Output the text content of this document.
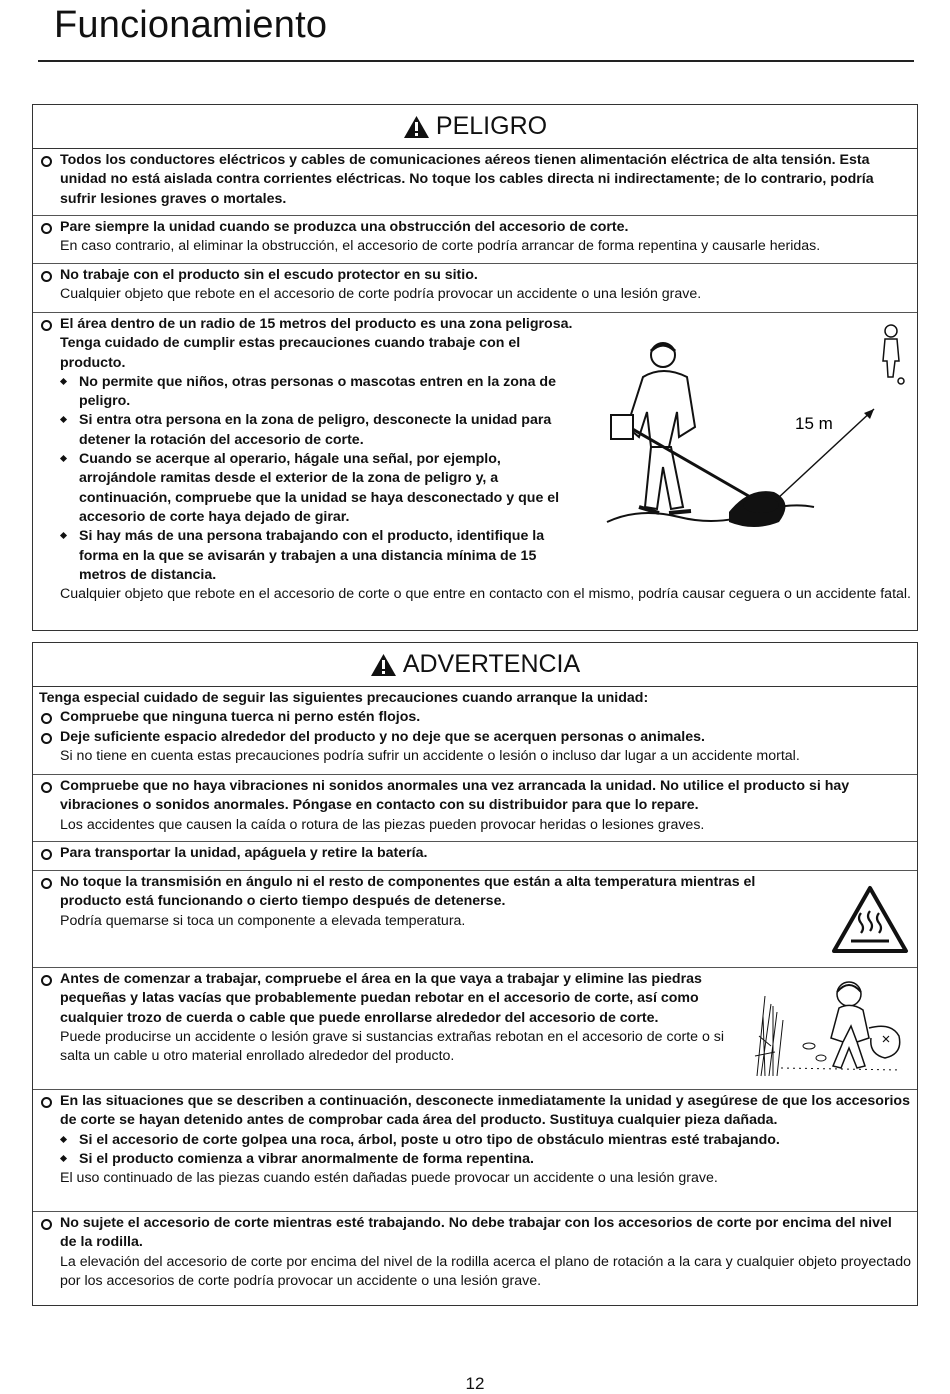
Funcionamiento
PELIGRO
Todos los conductores eléctricos y cables de comunicaciones aéreos tienen alimentación eléctrica de alta tensión. Esta unidad no está aislada contra corrientes eléctricas. No toque los cables directa ni indirectamente; de lo contrario, podría sufrir lesiones graves o mortales.
Pare siempre la unidad cuando se produzca una obstrucción del accesorio de corte.
En caso contrario, al eliminar la obstrucción, el accesorio de corte podría arrancar de forma repentina y causarle heridas.
No trabaje con el producto sin el escudo protector en su sitio.
Cualquier objeto que rebote en el accesorio de corte podría provocar un accidente o una lesión grave.
El área dentro de un radio de 15 metros del producto es una zona peligrosa. Tenga cuidado de cumplir estas precauciones cuando trabaje con el producto.
No permite que niños, otras personas o mascotas entren en la zona de peligro.
Si entra otra persona en la zona de peligro, desconecte la unidad para detener la rotación del accesorio de corte.
Cuando se acerque al operario, hágale una señal, por ejemplo, arrojándole ramitas desde el exterior de la zona de peligro y, a continuación, compruebe que la unidad se haya desconectado y que el accesorio de corte haya dejado de girar.
Si hay más de una persona trabajando con el producto, identifique la forma en la que se avisarán y trabajen a una distancia mínima de 15 metros de distancia.
Cualquier objeto que rebote en el accesorio de corte o que entre en contacto con el mismo, podría causar ceguera o un accidente fatal.
15 m
ADVERTENCIA
Tenga especial cuidado de seguir las siguientes precauciones cuando arranque la unidad:
Compruebe que ninguna tuerca ni perno estén flojos.
Deje suficiente espacio alrededor del producto y no deje que se acerquen personas o animales.
Si no tiene en cuenta estas precauciones podría sufrir un accidente o lesión o incluso dar lugar a un accidente mortal.
Compruebe que no haya vibraciones ni sonidos anormales una vez arrancada la unidad. No utilice el producto si hay vibraciones o sonidos anormales. Póngase en contacto con su distribuidor para que lo repare.
Los accidentes que causen la caída o rotura de las piezas pueden provocar heridas o lesiones graves.
Para transportar la unidad, apáguela y retire la batería.
No toque la transmisión en ángulo ni el resto de componentes que están a alta temperatura mientras el producto está funcionando o cierto tiempo después de detenerse.
Podría quemarse si toca un componente a elevada temperatura.
Antes de comenzar a trabajar, compruebe el área en la que vaya a trabajar y elimine las piedras pequeñas y latas vacías que probablemente puedan rebotar en el accesorio de corte, así como cualquier trozo de cuerda o cable que puede enrollarse alrededor del accesorio de corte.
Puede producirse un accidente o lesión grave si sustancias extrañas rebotan en el accesorio de corte o si salta un cable u otro material enrollado alrededor del producto.
En las situaciones que se describen a continuación, desconecte inmediatamente la unidad y asegúrese de que los accesorios de corte se hayan detenido antes de comprobar cada área del producto. Sustituya cualquier pieza dañada.
Si el accesorio de corte golpea una roca, árbol, poste u otro tipo de obstáculo mientras esté trabajando.
Si el producto comienza a vibrar anormalmente de forma repentina.
El uso continuado de las piezas cuando estén dañadas puede provocar un accidente o una lesión grave.
No sujete el accesorio de corte mientras esté trabajando. No debe trabajar con los accesorios de corte por encima del nivel de la rodilla.
La elevación del accesorio de corte por encima del nivel de la rodilla acerca el plano de rotación a la cara y cualquier objeto proyectado por los accesorios de corte podría provocar un accidente o una lesión grave.
12
